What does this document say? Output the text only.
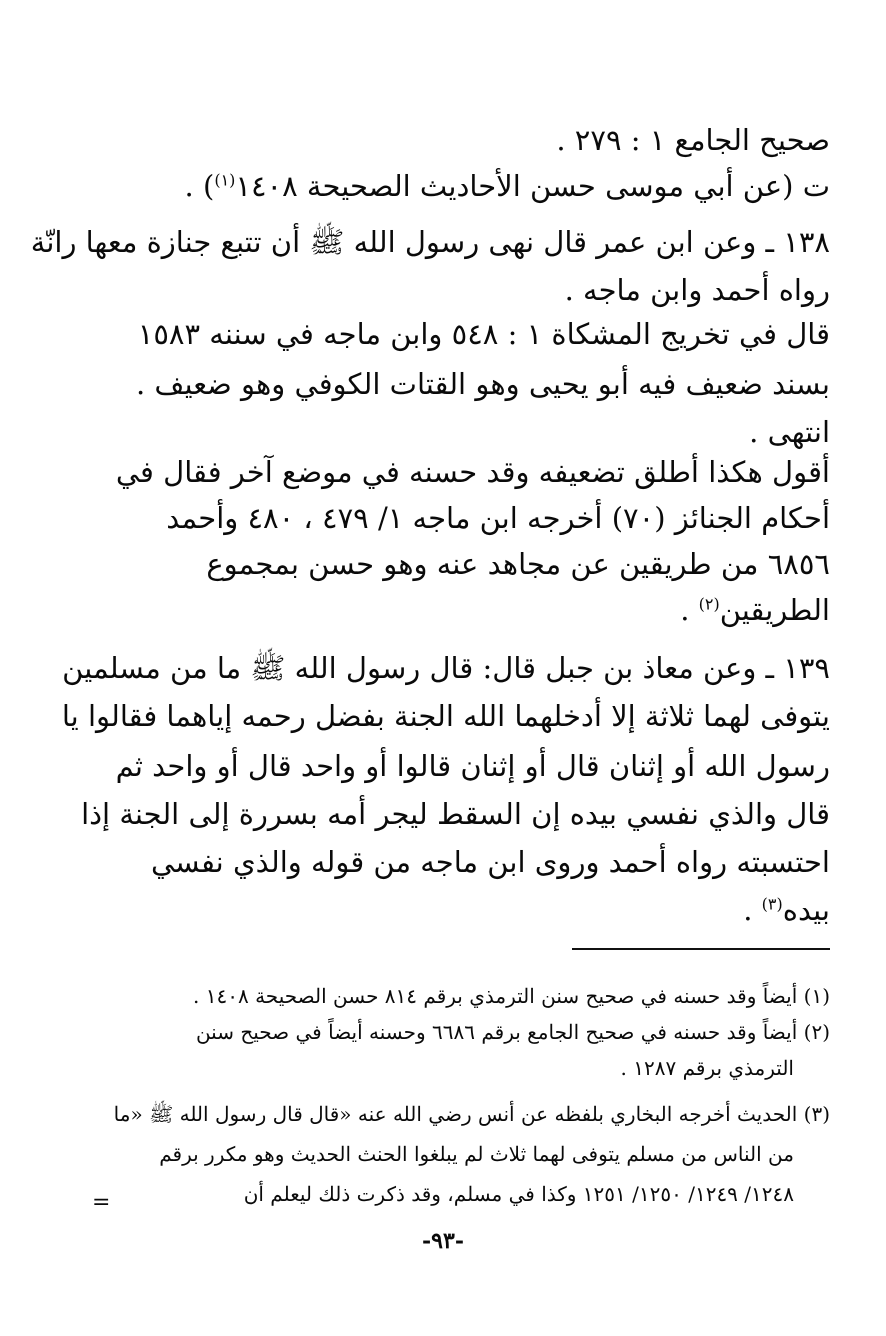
صحيح الجامع ١ : ٢٧٩ .
ت (عن أبي موسى حسن الأحاديث الصحيحة ١٤٠٨$^{(١)}$) .
١٣٨ ـ وعن ابن عمر قال نهى رسول الله ﷺ أن تتبع جنازة معها رانّة
رواه أحمد وابن ماجه .
قال في تخريج المشكاة ١ : ٥٤٨ وابن ماجه في سننه ١٥٨٣
بسند ضعيف فيه أبو يحيى وهو القتات الكوفي وهو ضعيف .
انتهى .
أقول هكذا أطلق تضعيفه وقد حسنه في موضع آخر فقال في
أحكام الجنائز (٧٠) أخرجه ابن ماجه ١/ ٤٧٩ ، ٤٨٠ وأحمد
٦٨٥٦ من طريقين عن مجاهد عنه وهو حسن بمجموع
الطريقين$^{(٢)}$ .
١٣٩ ـ وعن معاذ بن جبل قال: قال رسول الله ﷺ ما من مسلمين
يتوفى لهما ثلاثة إلا أدخلهما الله الجنة بفضل رحمه إياهما فقالوا يا
رسول الله أو إثنان قال أو إثنان قالوا أو واحد قال أو واحد ثم
قال والذي نفسي بيده إن السقط ليجر أمه بسررة إلى الجنة إذا
احتسبته رواه أحمد وروى ابن ماجه من قوله والذي نفسي
بيده$^{(٣)}$ .
(١) أيضاً وقد حسنه في صحيح سنن الترمذي برقم ٨١٤ حسن الصحيحة ١٤٠٨ .
(٢) أيضاً وقد حسنه في صحيح الجامع برقم ٦٦٨٦ وحسنه أيضاً في صحيح سنن
الترمذي برقم ١٢٨٧ .
(٣) الحديث أخرجه البخاري بلفظه عن أنس رضي الله عنه «قال قال رسول الله ﷺ «ما
من الناس من مسلم يتوفى لهما ثلاث لم يبلغوا الحنث الحديث وهو مكرر برقم
١٢٤٨/ ١٢٤٩/ ١٢٥٠/ ١٢٥١ وكذا في مسلم، وقد ذكرت ذلك ليعلم أن
=
-٩٣-
